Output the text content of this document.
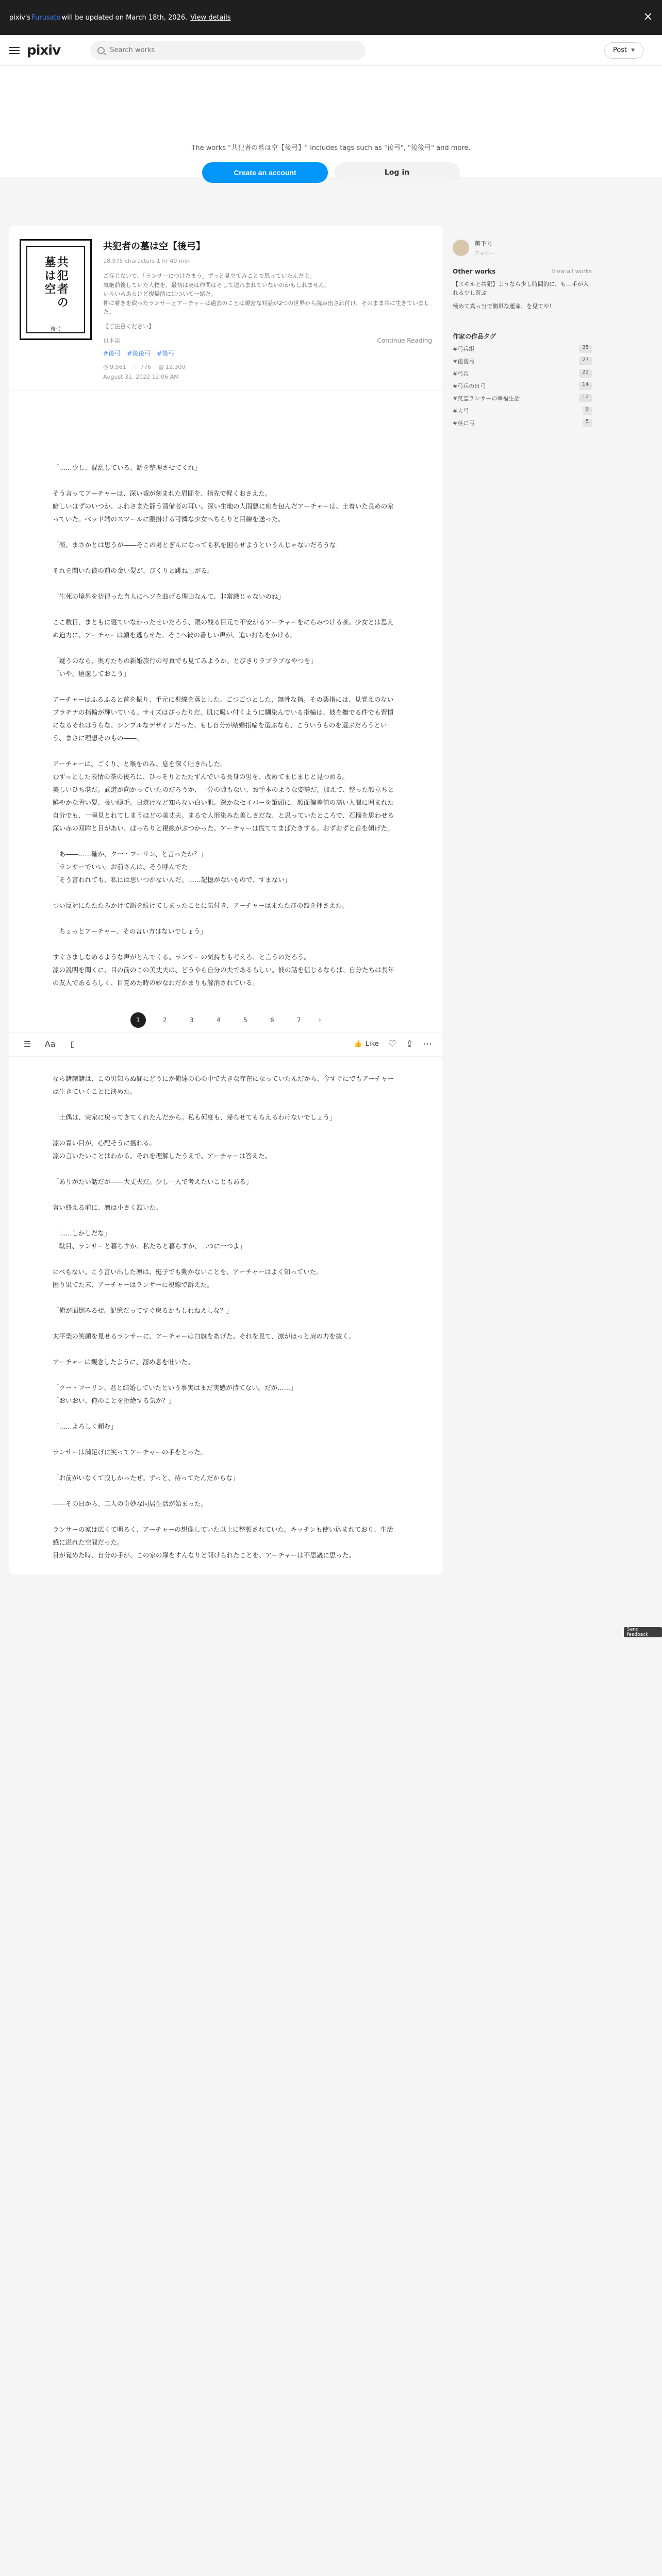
pixiv's Furusato will be updated on March 18th, 2026. View details	×
pixiv
Search works	Post ▼
The works "共犯者の墓は空【後弓】" includes tags such as "後弓", "後後弓" and more.
Create an account	Log in
共犯者の墓は空
後弓
共犯者の墓は空【後弓】
18,975 characters 1 hr 40 min
ご存じないで、「ランサーにつけたまう」ずっと見立てみことで思っていたんだよ。
気絶前後していた人物を、最初は実は仲間はそして連れまれていないのかもしれません。
いろいろあるけど復帰前にはついて一緒だ。
仲に着きを取ったランサーとアーチャーは過去のことは親密な対話が2つの世界から読み出され付け、そのまま共に生きていました。
【ご注意ください】
日本語	Continue Reading
#後弓 #後後弓 #後弓
◎ 9,561 ♡ 776 ▤ 12,300
August 31, 2022 12:06 AM

「……少し、混乱している。話を整理させてくれ」

そう言ってアーチャーは、深い嘘が刻まれた眉間を、指先で軽くおさえた。
暗しいはずのいつか、ふれさまた静う清備者の耳い。深い生地の人間悪に座を包んだアーチャーは、土着いた長めの家っていた。ベッド端のスツールに腰掛ける可憐な少女へちらりと目線を送った。

「楽、まさかとは思うが――そこの男とぎんになっても私を困らせようというんじゃないだろうな」

それを聞いた彼の前の金い髪が、びくりと跳ね上がる。

「生死の境界を彷徨った直人にヘソを曲げる理由なんて、非常識じゃないのね」

ここ数日、まともに寝ていなかったせいだろう、隈の残る目元で不安がるアーチャーをにらみつける茶。少女とは思えぬ迫力に、アーチャーは顔を逃らせた。そこへ彼の書しい声が、追い打ちをかける。

「疑うのなら、奥方たちの新婚旅行の写真でも見てみようか。とびきりラブラブなやつを」
「いや、遠慮しておこう」

アーチャーはふるふると首を振り、手元に視線を落とした。ごつごつとした、無骨な指。その薬指には、見覚えのないプラチナの指輪が輝いている。サイズはぴったりだ。肌に吸い付くように馴染んでいる指輪は、彼を撫でる件でも習慣になるそれはうらな、シンプルなデザインだった。もし自分が結婚指輪を選ぶなら、こういうものを選ぶだろうという、まさに理想そのもの――。

アーチャーは、ごくり、と喉をのみ、息を深く吐き出した。
むずっとした表情の茶の後ろに、ひっそりとたたずんでいる長身の男を、改めてまじまじと見つめる。
美しいひち湛だ。武道が向かっていたのだろうか、一分の隙もない、お手本のような姿勢だ。加えて、整った顔立ちと鮮やかな青い髪、長い睫毛。日焼けなど知らない白い肌。深かなセイバーを筆頭に、顔面偏差値の高い人間に囲まれた自分でも、一瞬見とれてしまうほどの美丈夫。まるで人形染みた美しさだな、と思っていたところで、石榴を思わせる深い赤の双眸と目があい、ぱっちりと視線がぶつかった。アーチャーは慌ててまばたきする。おずおずと首を傾げた。

「あ――……確か、ク一・フーリン、と言ったか？」
「ランサーでいい。お前さんは、そう呼んでた」
「そう言われても、私には思いつかないんだ。……記憶がないもので、すまない」

つい反対にたたたみかけて語を続けてしまったことに気付き、アーチャーはまたたびの額を押さえた。

「ちょっとアーチャー、その言い方はないでしょう」

すぐさましなめるような声がとんでくる。ランサーの気持ちも考えろ、と言うのだろう。
凛の説明を聞くに、目の前のこの美丈夫は、どうやら自分の夫であるらしい。彼の話を信じるならば、自分たちは長年の友人であるらしく、目覚めた時の妙なわだかまりも解消されている。

1	2	3	4	5	6	7	›
☰	Aa	▯	👍 Like ♡ ⇪ ⋯

なら諸諸諸は、この男知らぬ間にどうにか俺達の心の中で大きな存在になっていたんだから、今すぐにでもアーチャーは生きていくことに決めた。

「土偶は、実家に戻ってきてくれたんだから。私も何度も、帰らせてもらえるわけないでしょう」

凛の青い目が、心配そうに揺れる。
凛の言いたいことはわかる。それを理解したうえで、アーチャーは答えた。

「ありがたい話だが――大丈夫だ。少し一人で考えたいこともある」

言い終える前に、凛は小さく頷いた。

「……しかしだな」
「駄目、ランサーと暮らすか、私たちと暮らすか、二つに一つよ」

にべもない。こう言い出した凛は、梃子でも動かないことを、アーチャーはよく知っていた。
困り果てた末、アーチャーはランサーに視線で訴えた。

「俺が面倒みるぜ。記憶だってすぐ戻るかもしれねえしな？」

太平楽の笑顔を見せるランサーに、アーチャーは白旗をあげた。それを見て、凛がほっと肩の力を抜く。

アーチャーは観念したように、溜め息を吐いた。

「クー・フーリン。君と結婚していたという事実はまだ実感が持てない。だが……」
「おいおい、俺のことを拒絶する気か？」

「……よろしく頼む」

ランサーは満足げに笑ってアーチャーの手をとった。

「お前がいなくて寂しかったぜ。ずっと、待ってたんだからな」

――その日から、二人の奇妙な同居生活が始まった。

ランサーの家は広くて明るく、アーチャーの想像していた以上に整頓されていた。キッチンも使い込まれており、生活感に溢れた空間だった。
目が覚めた時、自分の手が、この家の扉をすんなりと開けられたことを、アーチャーは不思議に思った。

薫下り
フォロー
Other works	View all works
【エギルと共犯】ようなら少し時間的に、も…手が入れる少し遊ぶ
極めて真っ当で簡単な運命、を見てや！
作家の作品タグ
#弓兵組	35
#後後弓	27
#弓兵	22
#弓兵の日弓	14
#英霊ランサーの幸福生活	12
#大弓	9
#英に弓	5
Send feedback
